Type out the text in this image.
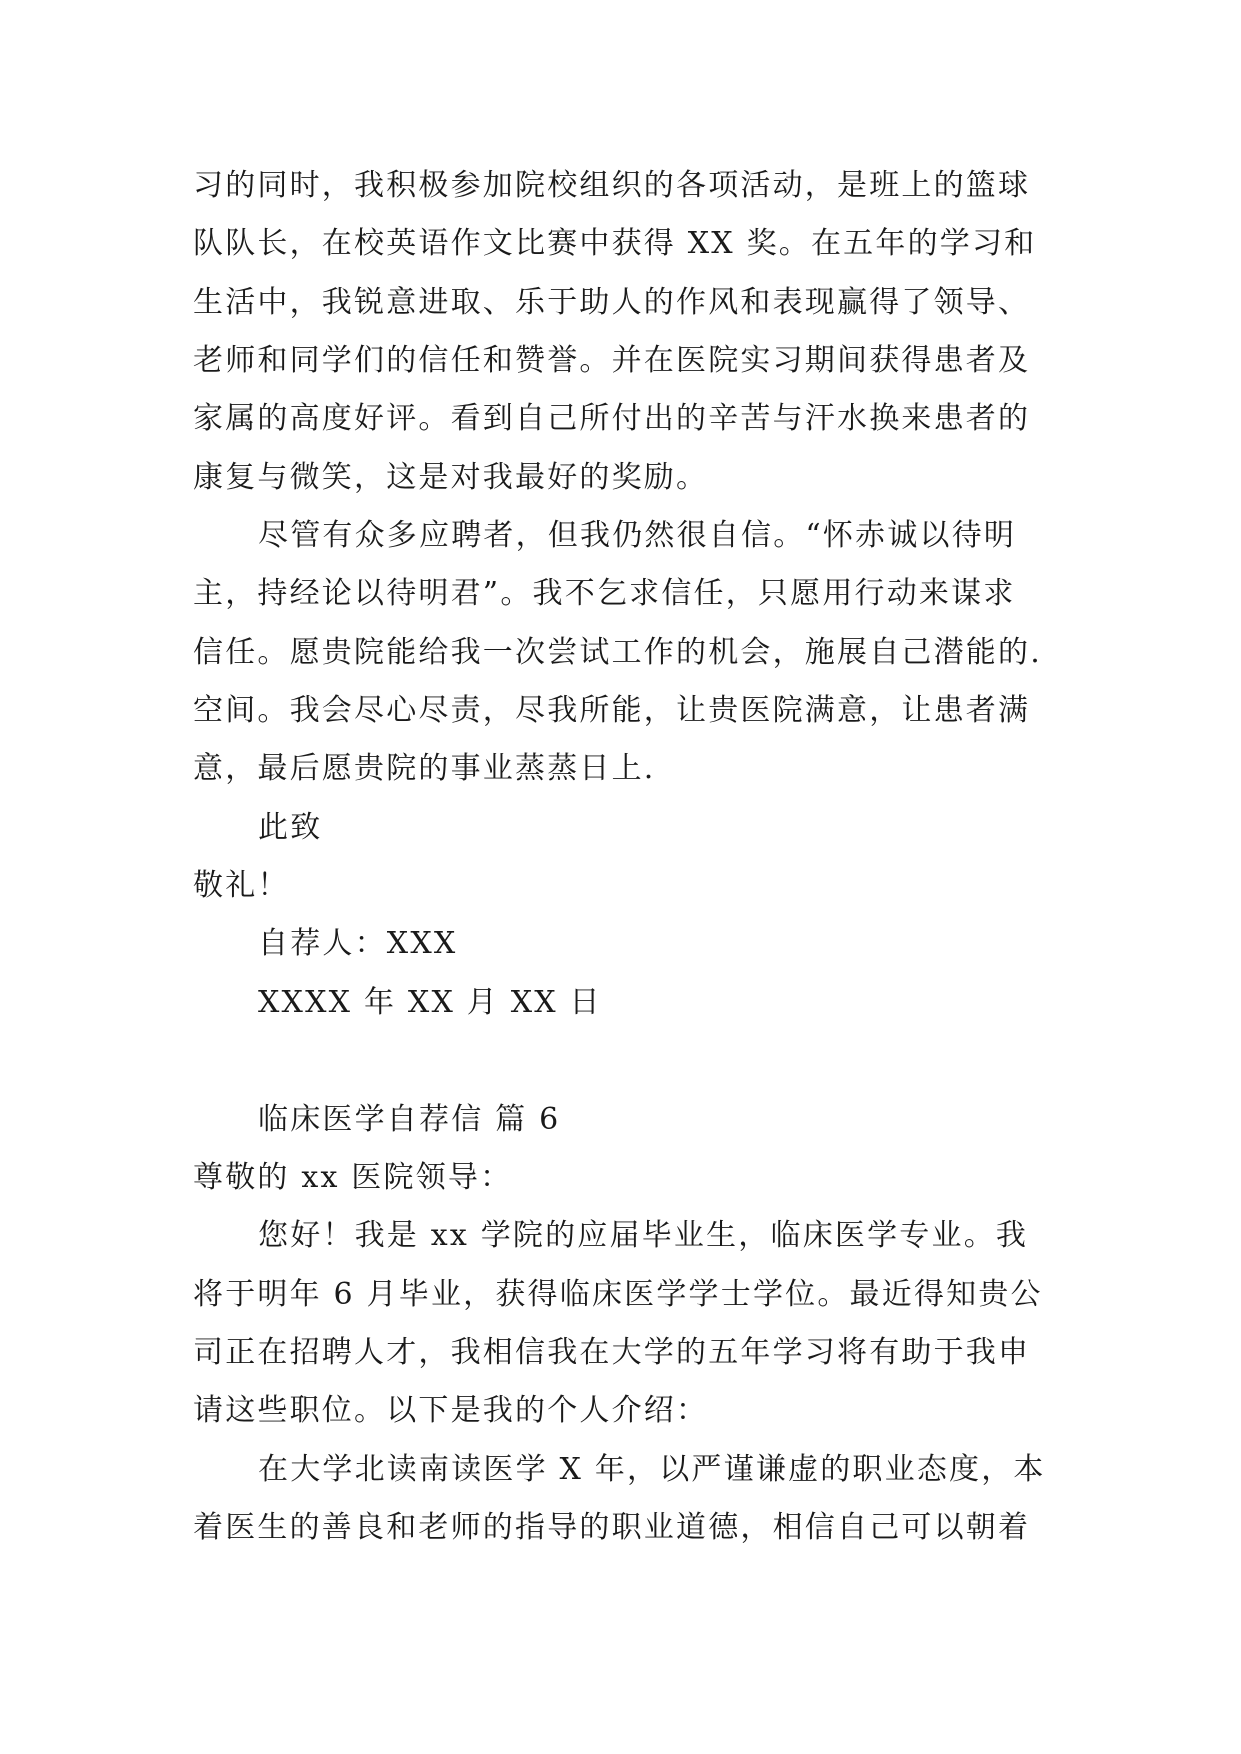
习的同时，我积极参加院校组织的各项活动，是班上的篮球
队队长，在校英语作文比赛中获得 XX 奖。在五年的学习和
生活中，我锐意进取、乐于助人的作风和表现赢得了领导、
老师和同学们的信任和赞誉。并在医院实习期间获得患者及
家属的高度好评。看到自己所付出的辛苦与汗水换来患者的
康复与微笑，这是对我最好的奖励。
尽管有众多应聘者，但我仍然很自信。“怀赤诚以待明
主，持经论以待明君”。我不乞求信任，只愿用行动来谋求
信任。愿贵院能给我一次尝试工作的机会，施展自己潜能的.
空间。我会尽心尽责，尽我所能，让贵医院满意，让患者满
意，最后愿贵院的事业蒸蒸日上.
此致
敬礼！
自荐人：XXX
XXXX 年 XX 月 XX 日
临床医学自荐信 篇 6
尊敬的 xx 医院领导：
您好！我是 xx 学院的应届毕业生，临床医学专业。我
将于明年 6 月毕业，获得临床医学学士学位。最近得知贵公
司正在招聘人才，我相信我在大学的五年学习将有助于我申
请这些职位。以下是我的个人介绍：
在大学北读南读医学 X 年，以严谨谦虚的职业态度，本
着医生的善良和老师的指导的职业道德，相信自己可以朝着
